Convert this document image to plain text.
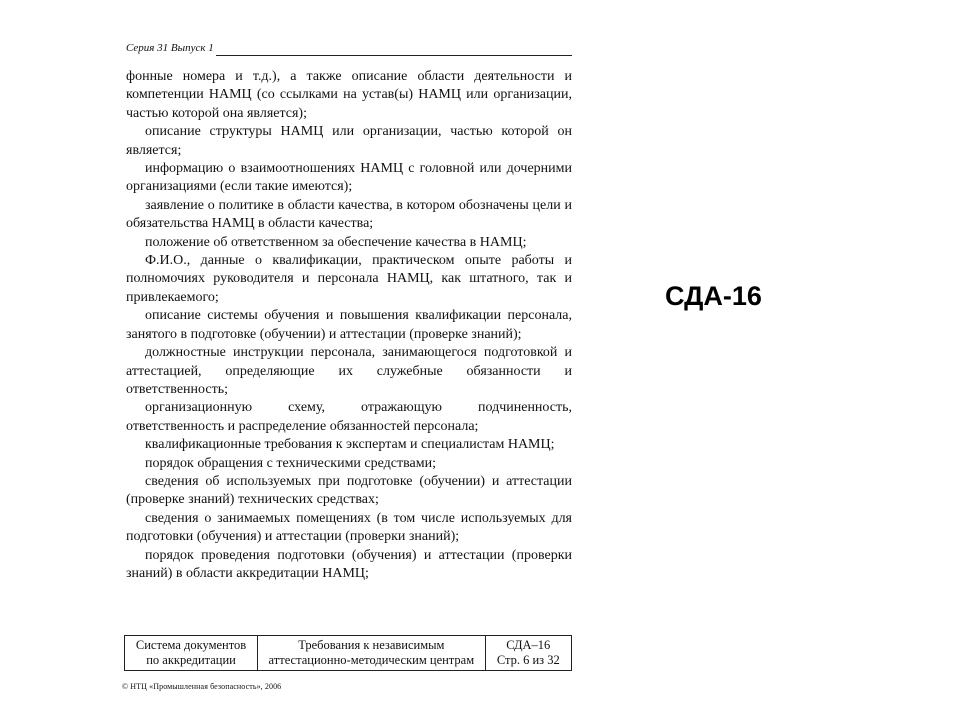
Серия 31 Выпуск 1

фонные номера и т.д.), а также описание области деятельности и компетенции НАМЦ (со ссылками на устав(ы) НАМЦ или организации, частью которой она является);

описание структуры НАМЦ или организации, частью которой он является;

информацию о взаимоотношениях НАМЦ с головной или дочерними организациями (если такие имеются);

заявление о политике в области качества, в котором обозначены цели и обязательства НАМЦ в области качества;

положение об ответственном за обеспечение качества в НАМЦ;

Ф.И.О., данные о квалификации, практическом опыте работы и полномочиях руководителя и персонала НАМЦ, как штатного, так и привлекаемого;

описание системы обучения и повышения квалификации персонала, занятого в подготовке (обучении) и аттестации (проверке знаний);

должностные инструкции персонала, занимающегося подготовкой и аттестацией, определяющие их служебные обязанности и ответственность;

организационную схему, отражающую подчиненность, ответственность и распределение обязанностей персонала;

квалификационные требования к экспертам и специалистам НАМЦ;

порядок обращения с техническими средствами;

сведения об используемых при подготовке (обучении) и аттестации (проверке знаний) технических средствах;

сведения о занимаемых помещениях (в том числе используемых для подготовки (обучения) и аттестации (проверки знаний);

порядок проведения подготовки (обучения) и аттестации (проверки знаний) в области аккредитации НАМЦ;

Система документов
по аккредитации
Требования к независимым
аттестационно-методическим центрам
СДА–16
Стр. 6 из 32
© НТЦ «Промышленная безопасность», 2006
СДА-16
